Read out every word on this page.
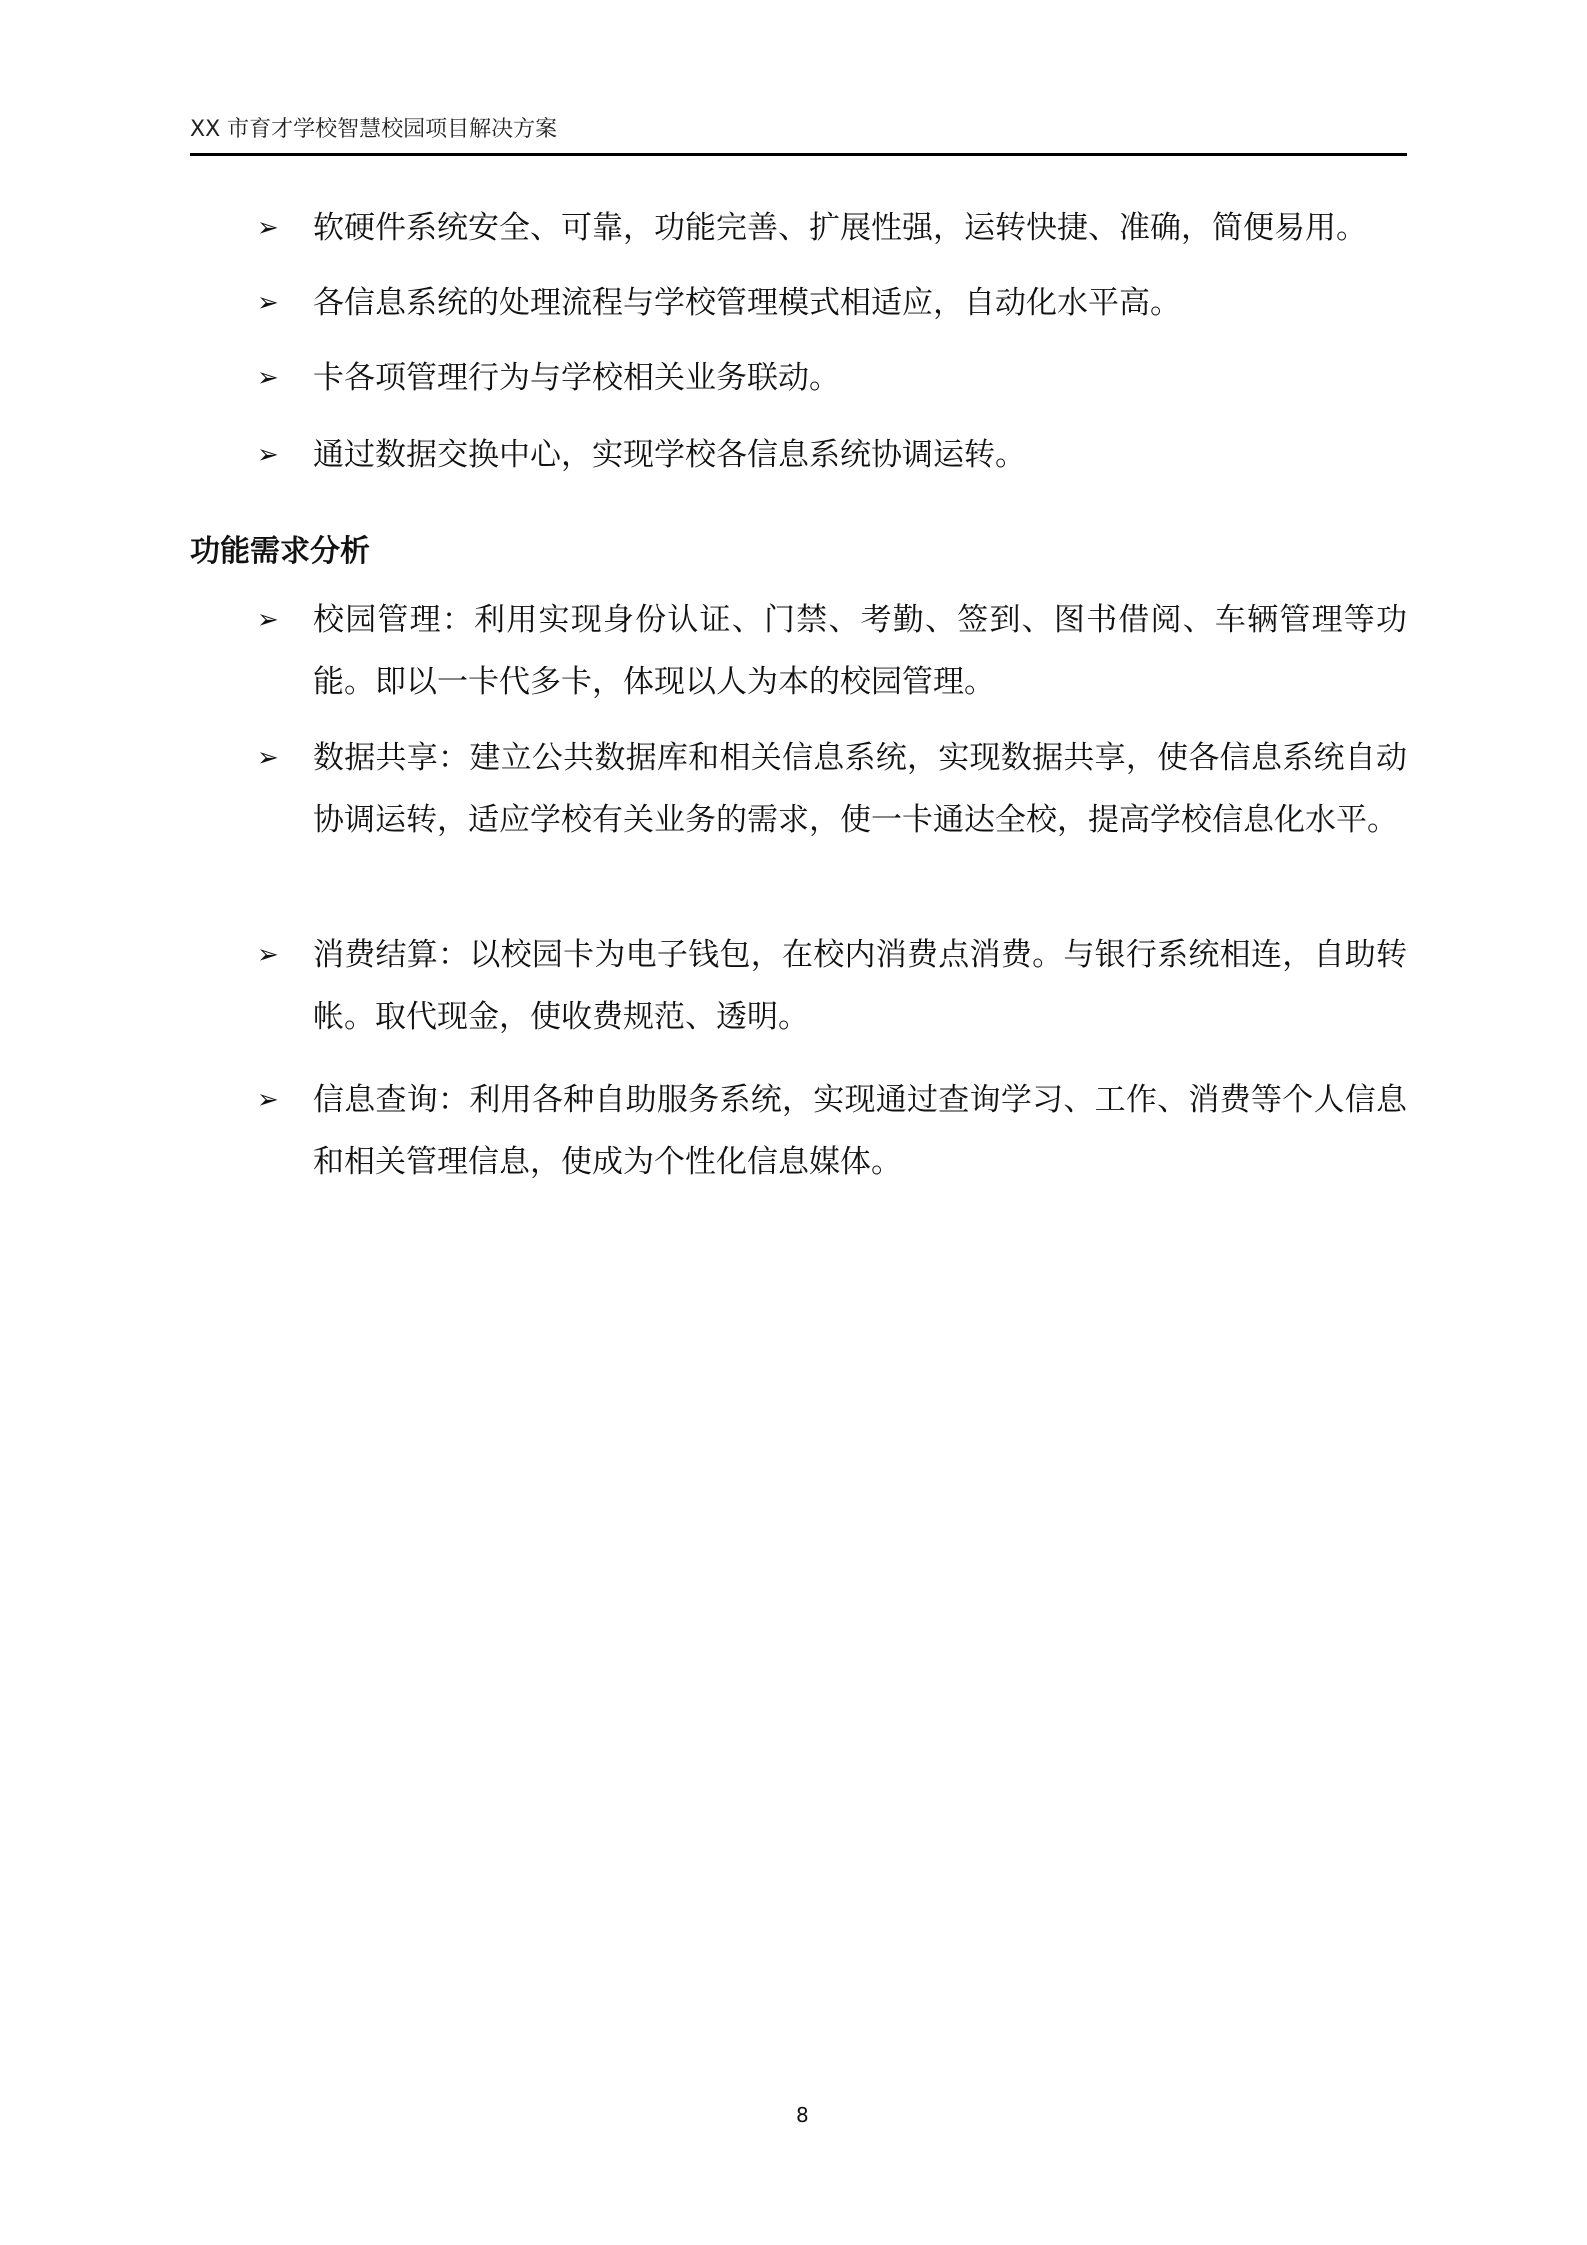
XX 市育才学校智慧校园项目解决方案
➢ 软硬件系统安全、可靠，功能完善、扩展性强，运转快捷、准确，简便易用。
➢ 各信息系统的处理流程与学校管理模式相适应，自动化水平高。
➢ 卡各项管理行为与学校相关业务联动。
➢ 通过数据交换中心，实现学校各信息系统协调运转。
功能需求分析
➢ 校园管理：利用实现身份认证、门禁、考勤、签到、图书借阅、车辆管理等功能。即以一卡代多卡，体现以人为本的校园管理。
➢ 数据共享：建立公共数据库和相关信息系统，实现数据共享，使各信息系统自动协调运转，适应学校有关业务的需求，使一卡通达全校，提高学校信息化水平。
➢ 消费结算：以校园卡为电子钱包，在校内消费点消费。与银行系统相连，自助转帐。取代现金，使收费规范、透明。
➢ 信息查询：利用各种自助服务系统，实现通过查询学习、工作、消费等个人信息和相关管理信息，使成为个性化信息媒体。
8
